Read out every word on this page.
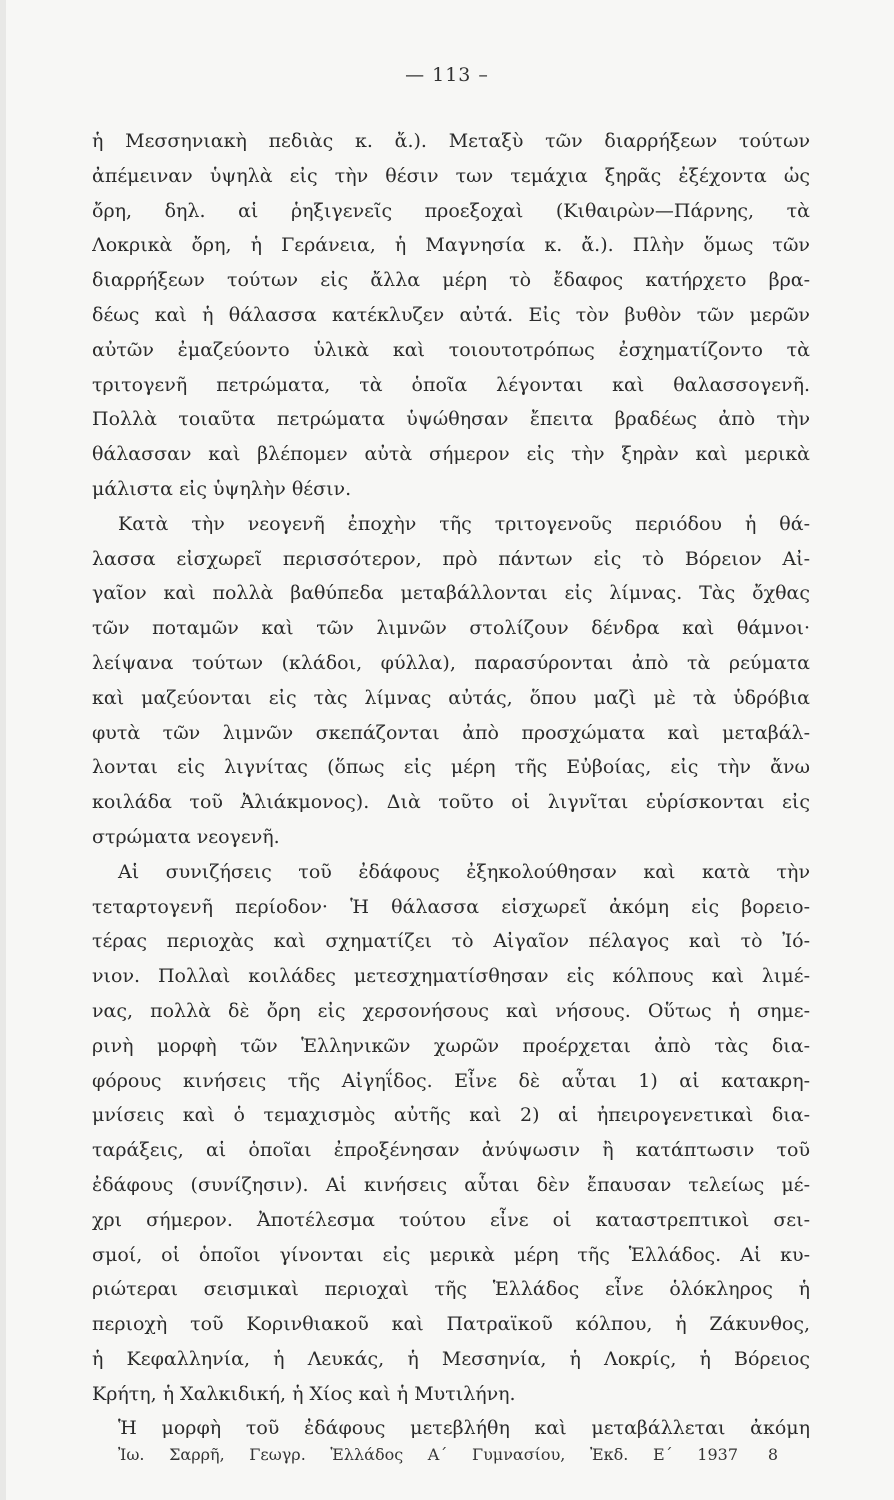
— 113 –
ἡ Μεσσηνιακὴ πεδιὰς κ. ἄ.). Μεταξὺ τῶν διαρρήξεων τούτων
ἀπέμειναν ὑψηλὰ εἰς τὴν θέσιν των τεμάχια ξηρᾶς ἐξέχοντα ὡς
ὄρη, δηλ. αἱ ῥηξιγενεῖς προεξοχαὶ (Κιθαιρὼν—Πάρνης, τὰ
Λοκρικὰ ὄρη, ἡ Γεράνεια, ἡ Μαγνησία κ. ἄ.). Πλὴν ὅμως τῶν
διαρρήξεων τούτων εἰς ἄλλα μέρη τὸ ἔδαφος κατήρχετο βρα-
δέως καὶ ἡ θάλασσα κατέκλυζεν αὐτά. Εἰς τὸν βυθὸν τῶν μερῶν
αὐτῶν ἐμαζεύοντο ὑλικὰ καὶ τοιουτοτρόπως ἐσχηματίζοντο τὰ
τριτογενῆ πετρώματα, τὰ ὁποῖα λέγονται καὶ θαλασσογενῆ.
Πολλὰ τοιαῦτα πετρώματα ὑψώθησαν ἔπειτα βραδέως ἀπὸ τὴν
θάλασσαν καὶ βλέπομεν αὐτὰ σήμερον εἰς τὴν ξηρὰν καὶ μερικὰ
μάλιστα εἰς ὑψηλὴν θέσιν.
Κατὰ τὴν νεογενῆ ἐποχὴν τῆς τριτογενοῦς περιόδου ἡ θά-
λασσα εἰσχωρεῖ περισσότερον, πρὸ πάντων εἰς τὸ Βόρειον Αἰ-
γαῖον καὶ πολλὰ βαθύπεδα μεταβάλλονται εἰς λίμνας. Τὰς ὄχθας
τῶν ποταμῶν καὶ τῶν λιμνῶν στολίζουν δένδρα καὶ θάμνοι·
λείψανα τούτων (κλάδοι, φύλλα), παρασύρονται ἀπὸ τὰ ρεύματα
καὶ μαζεύονται εἰς τὰς λίμνας αὐτάς, ὅπου μαζὶ μὲ τὰ ὑδρόβια
φυτὰ τῶν λιμνῶν σκεπάζονται ἀπὸ προσχώματα καὶ μεταβάλ-
λονται εἰς λιγνίτας (ὅπως εἰς μέρη τῆς Εὐβοίας, εἰς τὴν ἄνω
κοιλάδα τοῦ Ἀλιάκμονος). Διὰ τοῦτο οἱ λιγνῖται εὑρίσκονται εἰς
στρώματα νεογενῆ.
Αἱ συνιζήσεις τοῦ ἐδάφους ἐξηκολούθησαν καὶ κατὰ τὴν
τεταρτογενῆ περίοδον· Ἡ θάλασσα εἰσχωρεῖ ἀκόμη εἰς βορειο-
τέρας περιοχὰς καὶ σχηματίζει τὸ Αἰγαῖον πέλαγος καὶ τὸ Ἰό-
νιον. Πολλαὶ κοιλάδες μετεσχηματίσθησαν εἰς κόλπους καὶ λιμέ-
νας, πολλὰ δὲ ὄρη εἰς χερσονήσους καὶ νήσους. Οὕτως ἡ σημε-
ρινὴ μορφὴ τῶν Ἑλληνικῶν χωρῶν προέρχεται ἀπὸ τὰς δια-
φόρους κινήσεις τῆς Αἰγηΐδος. Εἶνε δὲ αὗται 1) αἱ κατακρη-
μνίσεις καὶ ὁ τεμαχισμὸς αὐτῆς καὶ 2) αἱ ἠπειρογενετικαὶ δια-
ταράξεις, αἱ ὁποῖαι ἐπροξένησαν ἀνύψωσιν ἢ κατάπτωσιν τοῦ
ἐδάφους (συνίζησιν). Αἱ κινήσεις αὗται δὲν ἔπαυσαν τελείως μέ-
χρι σήμερον. Ἀποτέλεσμα τούτου εἶνε οἱ καταστρεπτικοὶ σει-
σμοί, οἱ ὁποῖοι γίνονται εἰς μερικὰ μέρη τῆς Ἑλλάδος. Αἱ κυ-
ριώτεραι σεισμικαὶ περιοχαὶ τῆς Ἑλλάδος εἶνε ὁλόκληρος ἡ
περιοχὴ τοῦ Κορινθιακοῦ καὶ Πατραϊκοῦ κόλπου, ἡ Ζάκυνθος,
ἡ Κεφαλληνία, ἡ Λευκάς, ἡ Μεσσηνία, ἡ Λοκρίς, ἡ Βόρειος
Κρήτη, ἡ Χαλκιδική, ἡ Χίος καὶ ἡ Μυτιλήνη.
Ἡ μορφὴ τοῦ ἐδάφους μετεβλήθη καὶ μεταβάλλεται ἀκόμη
Ἰω. Σαρρῆ, Γεωγρ. Ἑλλάδος Α΄ Γυμνασίου, Ἐκδ. Ε΄ 1937 8
